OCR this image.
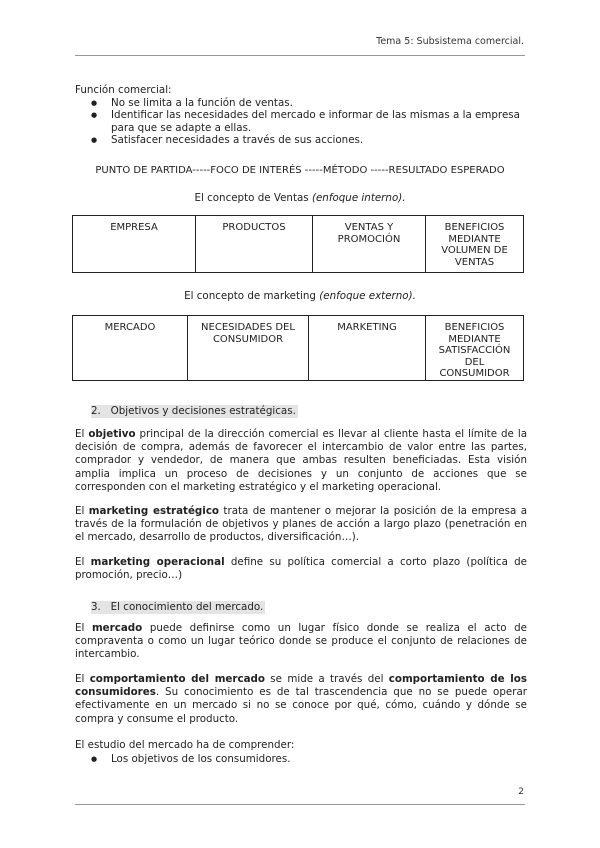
Tema 5: Subsistema comercial.
Función comercial:
● No se limita a la función de ventas.
● Identificar las necesidades del mercado e informar de las mismas a la empresa para que se adapte a ellas.
● Satisfacer necesidades a través de sus acciones.
PUNTO DE PARTIDA-----FOCO DE INTERÉS -----MÉTODO -----RESULTADO ESPERADO
El concepto de Ventas (enfoque interno).
EMPRESA	PRODUCTOS	VENTAS Y PROMOCIÓN	BENEFICIOS MEDIANTE VOLUMEN DE VENTAS
El concepto de marketing (enfoque externo).
MERCADO	NECESIDADES DEL CONSUMIDOR	MARKETING	BENEFICIOS MEDIANTE SATISFACCIÓN DEL CONSUMIDOR
2. Objetivos y decisiones estratégicas.
El objetivo principal de la dirección comercial es llevar al cliente hasta el límite de la decisión de compra, además de favorecer el intercambio de valor entre las partes, comprador y vendedor, de manera que ambas resulten beneficiadas. Esta visión amplia implica un proceso de decisiones y un conjunto de acciones que se corresponden con el marketing estratégico y el marketing operacional.
El marketing estratégico trata de mantener o mejorar la posición de la empresa a través de la formulación de objetivos y planes de acción a largo plazo (penetración en el mercado, desarrollo de productos, diversificación…).
El marketing operacional define su política comercial a corto plazo (política de promoción, precio…)
3. El conocimiento del mercado.
El mercado puede definirse como un lugar físico donde se realiza el acto de compraventa o como un lugar teórico donde se produce el conjunto de relaciones de intercambio.
El comportamiento del mercado se mide a través del comportamiento de los consumidores. Su conocimiento es de tal trascendencia que no se puede operar efectivamente en un mercado si no se conoce por qué, cómo, cuándo y dónde se compra y consume el producto.
El estudio del mercado ha de comprender:
● Los objetivos de los consumidores.
2
